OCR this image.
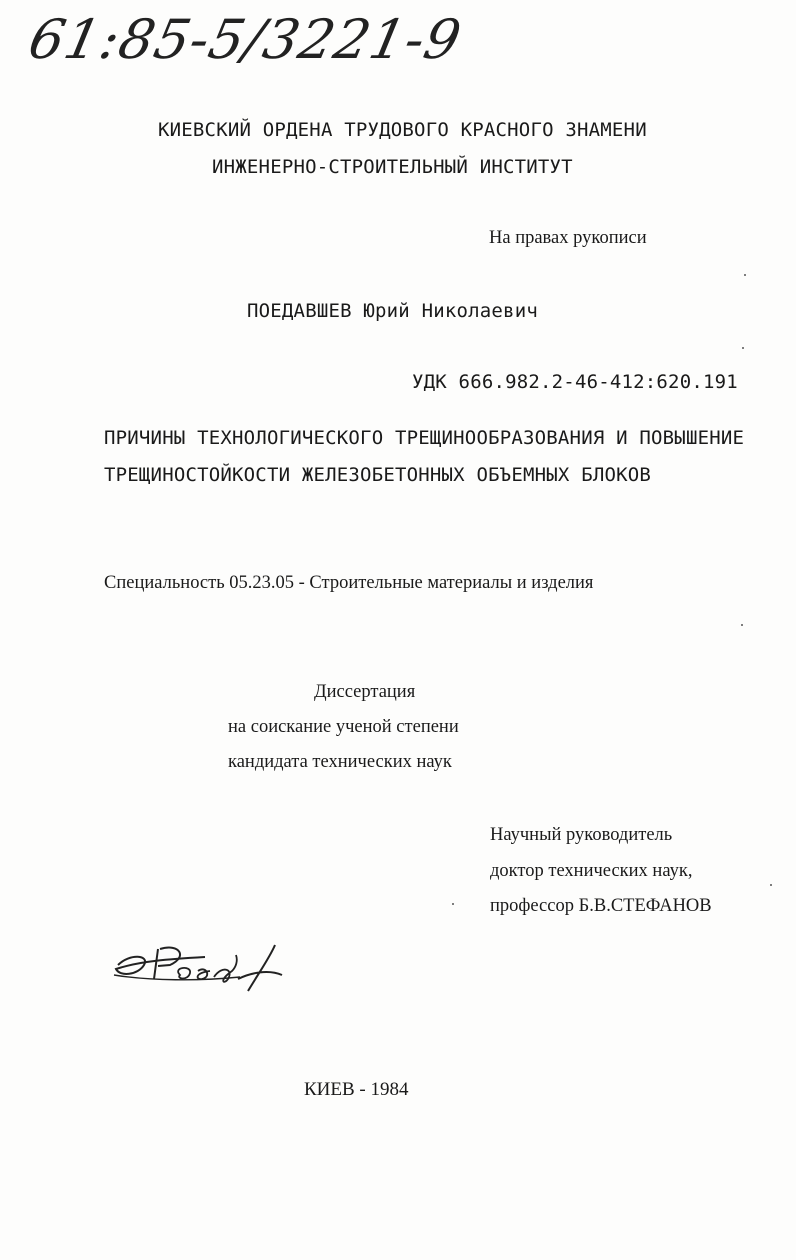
61:85-5/3221-9
КИЕВСКИЙ ОРДЕНА ТРУДОВОГО КРАСНОГО ЗНАМЕНИ
ИНЖЕНЕРНО-СТРОИТЕЛЬНЫЙ ИНСТИТУТ
На правах рукописи
ПОЕДАВШЕВ Юрий Николаевич
УДК 666.982.2-46-412:620.191
ПРИЧИНЫ ТЕХНОЛОГИЧЕСКОГО ТРЕЩИНООБРАЗОВАНИЯ И ПОВЫШЕНИЕ
ТРЕЩИНОСТОЙКОСТИ ЖЕЛЕЗОБЕТОННЫХ ОБЪЕМНЫХ БЛОКОВ
Специальность 05.23.05 - Строительные материалы и изделия
Диссертация
на соискание ученой степени
кандидата технических наук
Научный руководитель
доктор технических наук,
профессор Б.В.СТЕФАНОВ
Поед
КИЕВ - 1984
